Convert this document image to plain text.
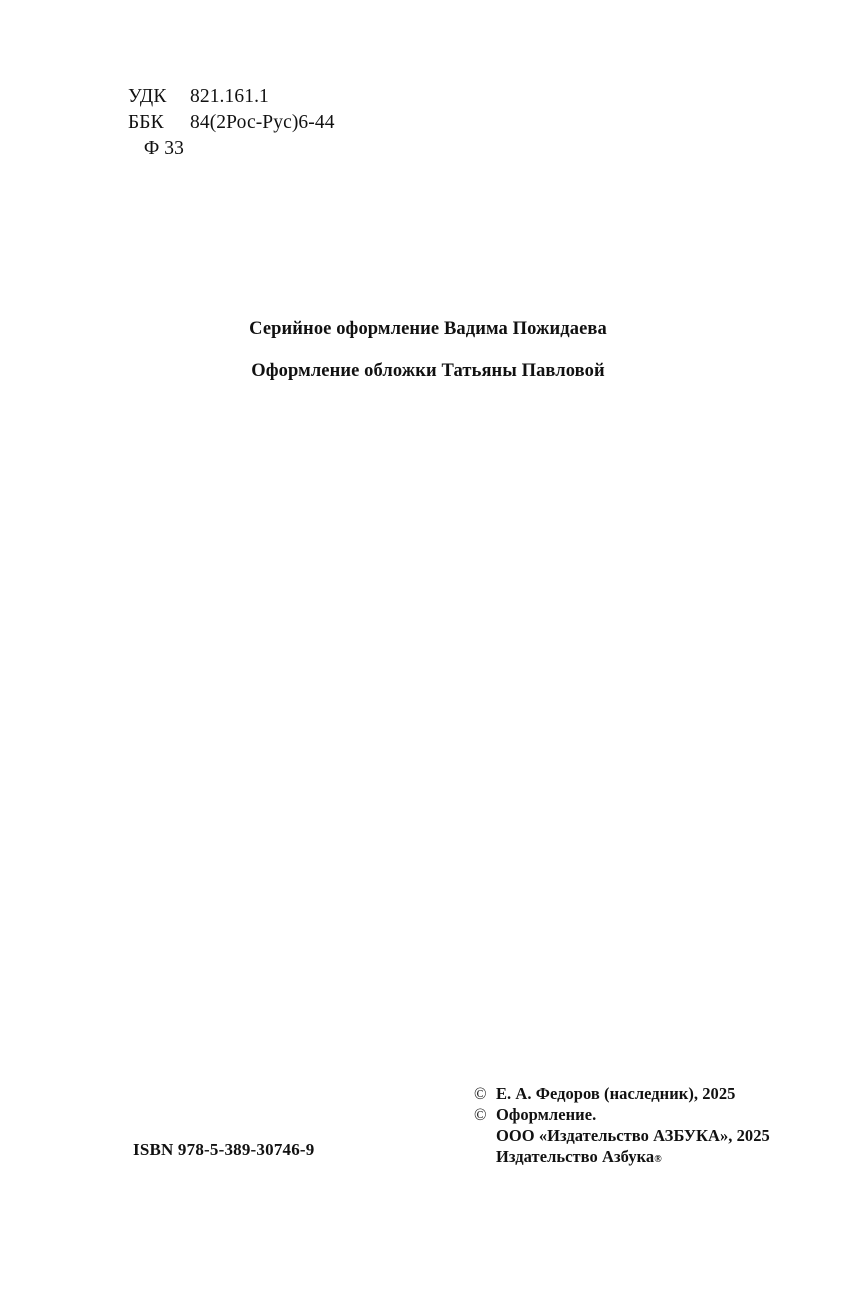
УДК	821.161.1
ББК	84(2Рос-Рус)6-44
Ф 33
Серийное оформление Вадима Пожидаева
Оформление обложки Татьяны Павловой
© Е. А. Федоров (наследник), 2025
© Оформление.
ООО «Издательство АЗБУКА», 2025
Издательство Азбука ®
ISBN 978-5-389-30746-9
